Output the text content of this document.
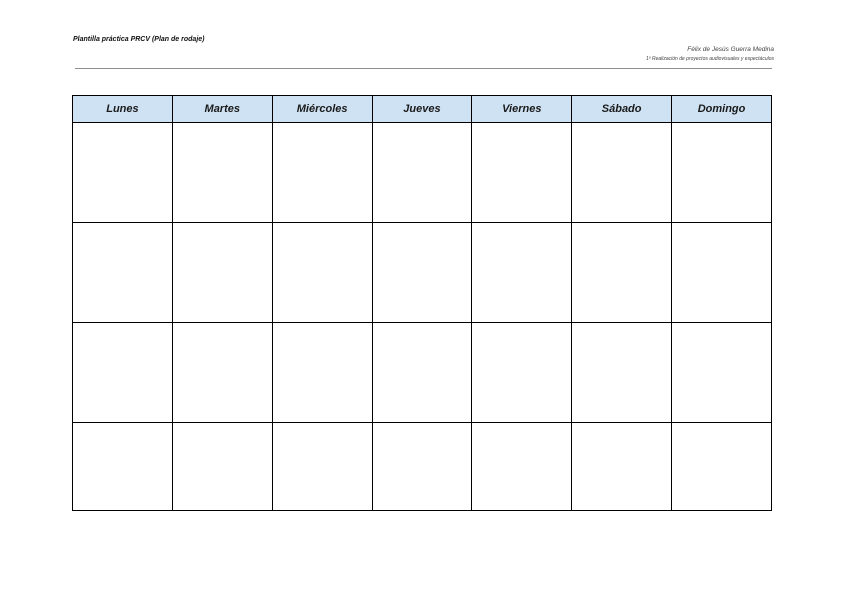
Plantilla práctica PRCV (Plan de rodaje)
Félix de Jesús Guerra Medina
1º Realización de proyectos audiovisuales y espectáculos
Lunes	Martes	Miércoles	Jueves	Viernes	Sábado	Domingo
